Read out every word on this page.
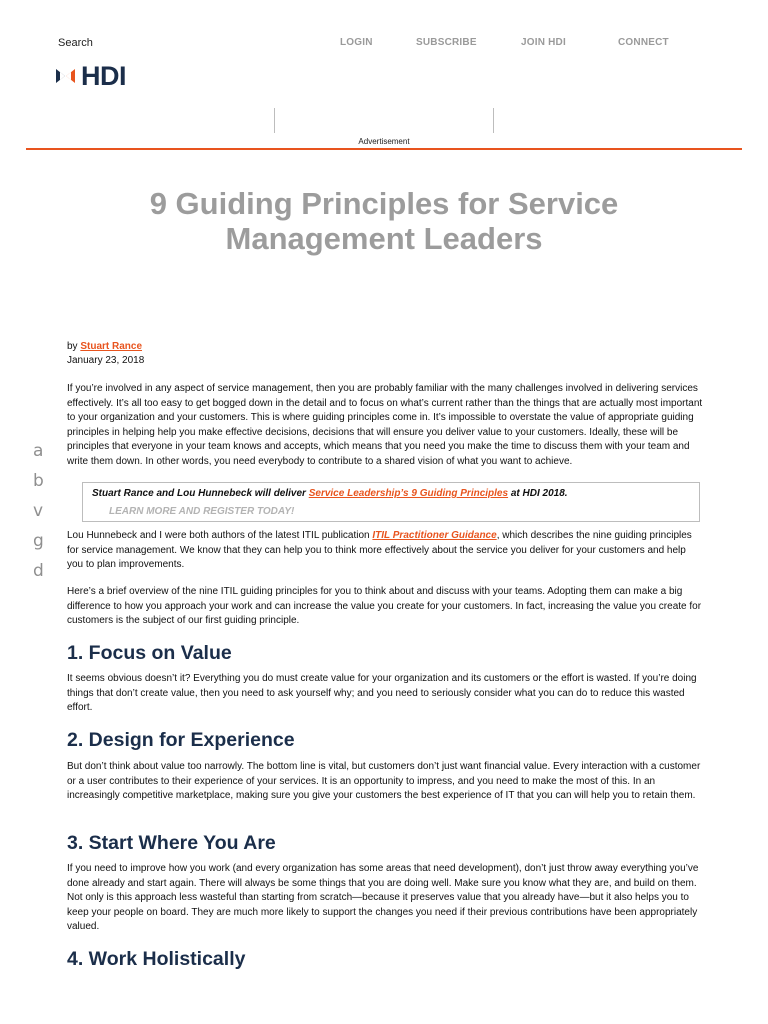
Search	LOGIN	SUBSCRIBE	JOIN HDI	CONNECT
HDI
Advertisement
9 Guiding Principles for Service Management Leaders
by Stuart Rance
January 23, 2018
If you’re involved in any aspect of service management, then you are probably familiar with the many challenges involved in delivering services effectively. It’s all too easy to get bogged down in the detail and to focus on what’s current rather than the things that are actually most important to your organization and your customers. This is where guiding principles come in. It’s impossible to overstate the value of appropriate guiding principles in helping help you make effective decisions, decisions that will ensure you deliver value to your customers. Ideally, these will be principles that everyone in your team knows and accepts, which means that you need you make the time to discuss them with your team and write them down. In other words, you need everybody to contribute to a shared vision of what you want to achieve.
a
b
v
g
d
Stuart Rance and Lou Hunnebeck will deliver Service Leadership’s 9 Guiding Principles at HDI 2018.
LEARN MORE AND REGISTER TODAY!
Lou Hunnebeck and I were both authors of the latest ITIL publication ITIL Practitioner Guidance, which describes the nine guiding principles for service management. We know that they can help you to think more effectively about the service you deliver for your customers and help you to plan improvements.
Here’s a brief overview of the nine ITIL guiding principles for you to think about and discuss with your teams. Adopting them can make a big difference to how you approach your work and can increase the value you create for your customers. In fact, increasing the value you create for customers is the subject of our first guiding principle.
1. Focus on Value
It seems obvious doesn’t it? Everything you do must create value for your organization and its customers or the effort is wasted. If you’re doing things that don’t create value, then you need to ask yourself why; and you need to seriously consider what you can do to reduce this wasted effort.
2. Design for Experience
But don’t think about value too narrowly. The bottom line is vital, but customers don’t just want financial value. Every interaction with a customer or a user contributes to their experience of your services. It is an opportunity to impress, and you need to make the most of this. In an increasingly competitive marketplace, making sure you give your customers the best experience of IT that you can will help you to retain them.
3. Start Where You Are
If you need to improve how you work (and every organization has some areas that need development), don’t just throw away everything you’ve done already and start again. There will always be some things that you are doing well. Make sure you know what they are, and build on them. Not only is this approach less wasteful than starting from scratch—because it preserves value that you already have—but it also helps you to keep your people on board. They are much more likely to support the changes you need if their previous contributions have been appropriately valued.
4. Work Holistically
